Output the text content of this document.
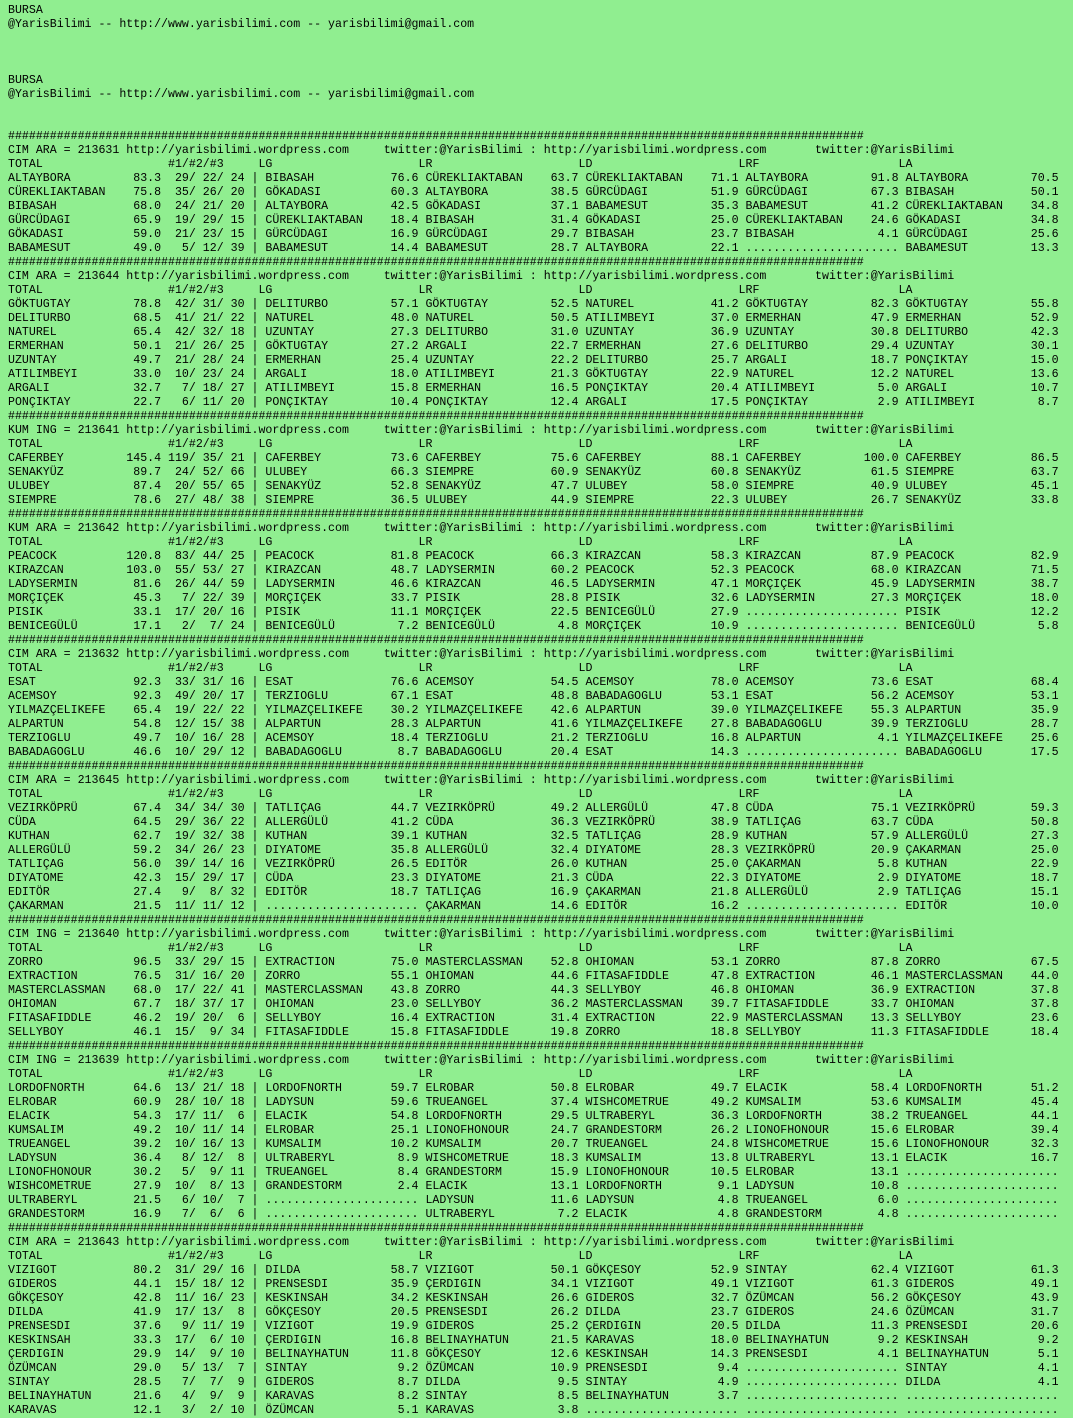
BURSA
@YarisBilimi -- http://www.yarisbilimi.com -- yarisbilimi@gmail.com
BURSA
@YarisBilimi -- http://www.yarisbilimi.com -- yarisbilimi@gmail.com
###########################################################################################################################
CIM ARA = 213631 http://yarisbilimi.wordpress.com     twitter:@YarisBilimi : http://yarisbilimi.wordpress.com       twitter:@YarisBilimi
TOTAL                  #1/#2/#3     LG                     LR                     LD                     LRF                    LA
ALTAYBORA         83.3  29/ 22/ 24 | BIBASAH           76.6 CÜREKLIAKTABAN    63.7 CÜREKLIAKTABAN    71.1 ALTAYBORA         91.8 ALTAYBORA         70.5
CÜREKLIAKTABAN    75.8  35/ 26/ 20 | GÖKADASI          60.3 ALTAYBORA         38.5 GÜRCÜDAGI         51.9 GÜRCÜDAGI         67.3 BIBASAH           50.1
BIBASAH           68.0  24/ 21/ 20 | ALTAYBORA         42.5 GÖKADASI          37.1 BABAMESUT         35.3 BABAMESUT         41.2 CÜREKLIAKTABAN    34.8
GÜRCÜDAGI         65.9  19/ 29/ 15 | CÜREKLIAKTABAN    18.4 BIBASAH           31.4 GÖKADASI          25.0 CÜREKLIAKTABAN    24.6 GÖKADASI          34.8
GÖKADASI          59.0  21/ 23/ 15 | GÜRCÜDAGI         16.9 GÜRCÜDAGI         29.7 BIBASAH           23.7 BIBASAH            4.1 GÜRCÜDAGI         25.6
BABAMESUT         49.0   5/ 12/ 39 | BABAMESUT         14.4 BABAMESUT         28.7 ALTAYBORA         22.1 ...................... BABAMESUT         13.3
###########################################################################################################################
CIM ARA = 213644 http://yarisbilimi.wordpress.com     twitter:@YarisBilimi : http://yarisbilimi.wordpress.com       twitter:@YarisBilimi
TOTAL                  #1/#2/#3     LG                     LR                     LD                     LRF                    LA
GÖKTUGTAY         78.8  42/ 31/ 30 | DELITURBO         57.1 GÖKTUGTAY         52.5 NATUREL           41.2 GÖKTUGTAY         82.3 GÖKTUGTAY         55.8
DELITURBO         68.5  41/ 21/ 22 | NATUREL           48.0 NATUREL           50.5 ATILIMBEYI        37.0 ERMERHAN          47.9 ERMERHAN          52.9
NATUREL           65.4  42/ 32/ 18 | UZUNTAY           27.3 DELITURBO         31.0 UZUNTAY           36.9 UZUNTAY           30.8 DELITURBO         42.3
ERMERHAN          50.1  21/ 26/ 25 | GÖKTUGTAY         27.2 ARGALI            22.7 ERMERHAN          27.6 DELITURBO         29.4 UZUNTAY           30.1
UZUNTAY           49.7  21/ 28/ 24 | ERMERHAN          25.4 UZUNTAY           22.2 DELITURBO         25.7 ARGALI            18.7 PONÇIKTAY         15.0
ATILIMBEYI        33.0  10/ 23/ 24 | ARGALI            18.0 ATILIMBEYI        21.3 GÖKTUGTAY         22.9 NATUREL           12.2 NATUREL           13.6
ARGALI            32.7   7/ 18/ 27 | ATILIMBEYI        15.8 ERMERHAN          16.5 PONÇIKTAY         20.4 ATILIMBEYI         5.0 ARGALI            10.7
PONÇIKTAY         22.7   6/ 11/ 20 | PONÇIKTAY         10.4 PONÇIKTAY         12.4 ARGALI            17.5 PONÇIKTAY          2.9 ATILIMBEYI         8.7
###########################################################################################################################
KUM ING = 213641 http://yarisbilimi.wordpress.com     twitter:@YarisBilimi : http://yarisbilimi.wordpress.com       twitter:@YarisBilimi
TOTAL                  #1/#2/#3     LG                     LR                     LD                     LRF                    LA
CAFERBEY         145.4 119/ 35/ 21 | CAFERBEY          73.6 CAFERBEY          75.6 CAFERBEY          88.1 CAFERBEY         100.0 CAFERBEY          86.5
SENAKYÜZ          89.7  24/ 52/ 66 | ULUBEY            66.3 SIEMPRE           60.9 SENAKYÜZ          60.8 SENAKYÜZ          61.5 SIEMPRE           63.7
ULUBEY            87.4  20/ 55/ 65 | SENAKYÜZ          52.8 SENAKYÜZ          47.7 ULUBEY            58.0 SIEMPRE           40.9 ULUBEY            45.1
SIEMPRE           78.6  27/ 48/ 38 | SIEMPRE           36.5 ULUBEY            44.9 SIEMPRE           22.3 ULUBEY            26.7 SENAKYÜZ          33.8
###########################################################################################################################
KUM ARA = 213642 http://yarisbilimi.wordpress.com     twitter:@YarisBilimi : http://yarisbilimi.wordpress.com       twitter:@YarisBilimi
TOTAL                  #1/#2/#3     LG                     LR                     LD                     LRF                    LA
PEACOCK          120.8  83/ 44/ 25 | PEACOCK           81.8 PEACOCK           66.3 KIRAZCAN          58.3 KIRAZCAN          87.9 PEACOCK           82.9
KIRAZCAN         103.0  55/ 53/ 27 | KIRAZCAN          48.7 LADYSERMIN        60.2 PEACOCK           52.3 PEACOCK           68.0 KIRAZCAN          71.5
LADYSERMIN        81.6  26/ 44/ 59 | LADYSERMIN        46.6 KIRAZCAN          46.5 LADYSERMIN        47.1 MORÇIÇEK          45.9 LADYSERMIN        38.7
MORÇIÇEK          45.3   7/ 22/ 39 | MORÇIÇEK          33.7 PISIK             28.8 PISIK             32.6 LADYSERMIN        27.3 MORÇIÇEK          18.0
PISIK             33.1  17/ 20/ 16 | PISIK             11.1 MORÇIÇEK          22.5 BENICEGÜLÜ        27.9 ...................... PISIK             12.2
BENICEGÜLÜ        17.1   2/  7/ 24 | BENICEGÜLÜ         7.2 BENICEGÜLÜ         4.8 MORÇIÇEK          10.9 ...................... BENICEGÜLÜ         5.8
###########################################################################################################################
CIM ARA = 213632 http://yarisbilimi.wordpress.com     twitter:@YarisBilimi : http://yarisbilimi.wordpress.com       twitter:@YarisBilimi
TOTAL                  #1/#2/#3     LG                     LR                     LD                     LRF                    LA
ESAT              92.3  33/ 31/ 16 | ESAT              76.6 ACEMSOY           54.5 ACEMSOY           78.0 ACEMSOY           73.6 ESAT              68.4
ACEMSOY           92.3  49/ 20/ 17 | TERZIOGLU         67.1 ESAT              48.8 BABADAGOGLU       53.1 ESAT              56.2 ACEMSOY           53.1
YILMAZÇELIKEFE    65.4  19/ 22/ 22 | YILMAZÇELIKEFE    30.2 YILMAZÇELIKEFE    42.6 ALPARTUN          39.0 YILMAZÇELIKEFE    55.3 ALPARTUN          35.9
ALPARTUN          54.8  12/ 15/ 38 | ALPARTUN          28.3 ALPARTUN          41.6 YILMAZÇELIKEFE    27.8 BABADAGOGLU       39.9 TERZIOGLU         28.7
TERZIOGLU         49.7  10/ 16/ 28 | ACEMSOY           18.4 TERZIOGLU         21.2 TERZIOGLU         16.8 ALPARTUN           4.1 YILMAZÇELIKEFE    25.6
BABADAGOGLU       46.6  10/ 29/ 12 | BABADAGOGLU        8.7 BABADAGOGLU       20.4 ESAT              14.3 ...................... BABADAGOGLU       17.5
###########################################################################################################################
CIM ARA = 213645 http://yarisbilimi.wordpress.com     twitter:@YarisBilimi : http://yarisbilimi.wordpress.com       twitter:@YarisBilimi
TOTAL                  #1/#2/#3     LG                     LR                     LD                     LRF                    LA
VEZIRKÖPRÜ        67.4  34/ 34/ 30 | TATLIÇAG          44.7 VEZIRKÖPRÜ        49.2 ALLERGÜLÜ         47.8 CÜDA              75.1 VEZIRKÖPRÜ        59.3
CÜDA              64.5  29/ 36/ 22 | ALLERGÜLÜ         41.2 CÜDA              36.3 VEZIRKÖPRÜ        38.9 TATLIÇAG          63.7 CÜDA              50.8
KUTHAN            62.7  19/ 32/ 38 | KUTHAN            39.1 KUTHAN            32.5 TATLIÇAG          28.9 KUTHAN            57.9 ALLERGÜLÜ         27.3
ALLERGÜLÜ         59.2  34/ 26/ 23 | DIYATOME          35.8 ALLERGÜLÜ         32.4 DIYATOME          28.3 VEZIRKÖPRÜ        20.9 ÇAKARMAN          25.0
TATLIÇAG          56.0  39/ 14/ 16 | VEZIRKÖPRÜ        26.5 EDITÖR            26.0 KUTHAN            25.0 ÇAKARMAN           5.8 KUTHAN            22.9
DIYATOME          42.3  15/ 29/ 17 | CÜDA              23.3 DIYATOME          21.3 CÜDA              22.3 DIYATOME           2.9 DIYATOME          18.7
EDITÖR            27.4   9/  8/ 32 | EDITÖR            18.7 TATLIÇAG          16.9 ÇAKARMAN          21.8 ALLERGÜLÜ          2.9 TATLIÇAG          15.1
ÇAKARMAN          21.5  11/ 11/ 12 | ...................... ÇAKARMAN          14.6 EDITÖR            16.2 ...................... EDITÖR            10.0
###########################################################################################################################
CIM ING = 213640 http://yarisbilimi.wordpress.com     twitter:@YarisBilimi : http://yarisbilimi.wordpress.com       twitter:@YarisBilimi
TOTAL                  #1/#2/#3     LG                     LR                     LD                     LRF                    LA
ZORRO             96.5  33/ 29/ 15 | EXTRACTION        75.0 MASTERCLASSMAN    52.8 OHIOMAN           53.1 ZORRO             87.8 ZORRO             67.5
EXTRACTION        76.5  31/ 16/ 20 | ZORRO             55.1 OHIOMAN           44.6 FITASAFIDDLE      47.8 EXTRACTION        46.1 MASTERCLASSMAN    44.0
MASTERCLASSMAN    68.0  17/ 22/ 41 | MASTERCLASSMAN    43.8 ZORRO             44.3 SELLYBOY          46.8 OHIOMAN           36.9 EXTRACTION        37.8
OHIOMAN           67.7  18/ 37/ 17 | OHIOMAN           23.0 SELLYBOY          36.2 MASTERCLASSMAN    39.7 FITASAFIDDLE      33.7 OHIOMAN           37.8
FITASAFIDDLE      46.2  19/ 20/  6 | SELLYBOY          16.4 EXTRACTION        31.4 EXTRACTION        22.9 MASTERCLASSMAN    13.3 SELLYBOY          23.6
SELLYBOY          46.1  15/  9/ 34 | FITASAFIDDLE      15.8 FITASAFIDDLE      19.8 ZORRO             18.8 SELLYBOY          11.3 FITASAFIDDLE      18.4
###########################################################################################################################
CIM ING = 213639 http://yarisbilimi.wordpress.com     twitter:@YarisBilimi : http://yarisbilimi.wordpress.com       twitter:@YarisBilimi
TOTAL                  #1/#2/#3     LG                     LR                     LD                     LRF                    LA
LORDOFNORTH       64.6  13/ 21/ 18 | LORDOFNORTH       59.7 ELROBAR           50.8 ELROBAR           49.7 ELACIK            58.4 LORDOFNORTH       51.2
ELROBAR           60.9  28/ 10/ 18 | LADYSUN           59.6 TRUEANGEL         37.4 WISHCOMETRUE      49.2 KUMSALIM          53.6 KUMSALIM          45.4
ELACIK            54.3  17/ 11/  6 | ELACIK            54.8 LORDOFNORTH       29.5 ULTRABERYL        36.3 LORDOFNORTH       38.2 TRUEANGEL         44.1
KUMSALIM          49.2  10/ 11/ 14 | ELROBAR           25.1 LIONOFHONOUR      24.7 GRANDESTORM       26.2 LIONOFHONOUR      15.6 ELROBAR           39.4
TRUEANGEL         39.2  10/ 16/ 13 | KUMSALIM          10.2 KUMSALIM          20.7 TRUEANGEL         24.8 WISHCOMETRUE      15.6 LIONOFHONOUR      32.3
LADYSUN           36.4   8/ 12/  8 | ULTRABERYL         8.9 WISHCOMETRUE      18.3 KUMSALIM          13.8 ULTRABERYL        13.1 ELACIK            16.7
LIONOFHONOUR      30.2   5/  9/ 11 | TRUEANGEL          8.4 GRANDESTORM       15.9 LIONOFHONOUR      10.5 ELROBAR           13.1 ......................
WISHCOMETRUE      27.9  10/  8/ 13 | GRANDESTORM        2.4 ELACIK            13.1 LORDOFNORTH        9.1 LADYSUN           10.8 ......................
ULTRABERYL        21.5   6/ 10/  7 | ...................... LADYSUN           11.6 LADYSUN            4.8 TRUEANGEL          6.0 ......................
GRANDESTORM       16.9   7/  6/  6 | ...................... ULTRABERYL         7.2 ELACIK             4.8 GRANDESTORM        4.8 ......................
###########################################################################################################################
CIM ARA = 213643 http://yarisbilimi.wordpress.com     twitter:@YarisBilimi : http://yarisbilimi.wordpress.com       twitter:@YarisBilimi
TOTAL                  #1/#2/#3     LG                     LR                     LD                     LRF                    LA
VIZIGOT           80.2  31/ 29/ 16 | DILDA             58.7 VIZIGOT           50.1 GÖKÇESOY          52.9 SINTAY            62.4 VIZIGOT           61.3
GIDEROS           44.1  15/ 18/ 12 | PRENSESDI         35.9 ÇERDIGIN          34.1 VIZIGOT           49.1 VIZIGOT           61.3 GIDEROS           49.1
GÖKÇESOY          42.8  11/ 16/ 23 | KESKINSAH         34.2 KESKINSAH         26.6 GIDEROS           32.7 ÖZÜMCAN           56.2 GÖKÇESOY          43.9
DILDA             41.9  17/ 13/  8 | GÖKÇESOY          20.5 PRENSESDI         26.2 DILDA             23.7 GIDEROS           24.6 ÖZÜMCAN           31.7
PRENSESDI         37.6   9/ 11/ 19 | VIZIGOT           19.9 GIDEROS           25.2 ÇERDIGIN          20.5 DILDA             11.3 PRENSESDI         20.6
KESKINSAH         33.3  17/  6/ 10 | ÇERDIGIN          16.8 BELINAYHATUN      21.5 KARAVAS           18.0 BELINAYHATUN       9.2 KESKINSAH          9.2
ÇERDIGIN          29.9  14/  9/ 10 | BELINAYHATUN      11.8 GÖKÇESOY          12.6 KESKINSAH         14.3 PRENSESDI          4.1 BELINAYHATUN       5.1
ÖZÜMCAN           29.0   5/ 13/  7 | SINTAY             9.2 ÖZÜMCAN           10.9 PRENSESDI          9.4 ...................... SINTAY             4.1
SINTAY            28.5   7/  7/  9 | GIDEROS            8.7 DILDA              9.5 SINTAY             4.9 ...................... DILDA              4.1
BELINAYHATUN      21.6   4/  9/  9 | KARAVAS            8.2 SINTAY             8.5 BELINAYHATUN       3.7 ...................... ......................
KARAVAS           12.1   3/  2/ 10 | ÖZÜMCAN            5.1 KARAVAS            3.8 ...................... ...................... ......................
